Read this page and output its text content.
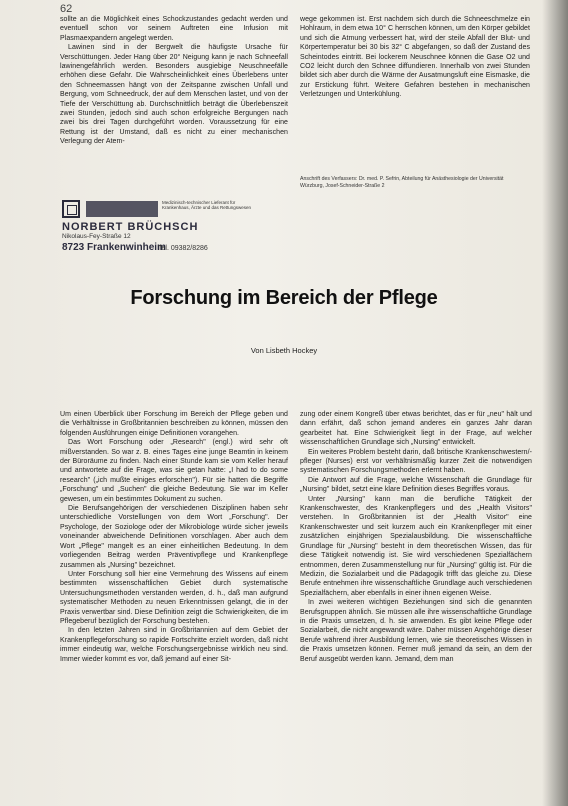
62

sollte an die Möglichkeit eines Schockzustandes gedacht werden und eventuell schon vor seinem Auftreten eine Infusion mit Plasmaexpandern angelegt werden.

Lawinen sind in der Bergwelt die häufigste Ursache für Verschüttungen. Jeder Hang über 20° Neigung kann je nach Schneefall lawinengefährlich werden. Besonders ausgiebige Neuschneefälle erhöhen diese Gefahr. Die Wahrscheinlichkeit eines Überlebens unter den Schneemassen hängt von der Zeitspanne zwischen Unfall und Bergung, vom Schneedruck, der auf dem Menschen lastet, und von der Tiefe der Verschüttung ab. Durchschnittlich beträgt die Überlebenszeit zwei Stunden, jedoch sind auch schon erfolgreiche Bergungen nach zwei bis drei Tagen durchgeführt worden. Voraussetzung für eine Rettung ist der Umstand, daß es nicht zu einer mechanischen Verlegung der Atem-

wege gekommen ist. Erst nachdem sich durch die Schneeschmelze ein Hohlraum, in dem etwa 10° C herrschen können, um den Körper gebildet und sich die Atmung verbessert hat, wird der steile Abfall der Blut- und Körpertemperatur bei 30 bis 32° C abgefangen, so daß der Zustand des Scheintodes eintritt. Bei lockerem Neuschnee können die Gase O2 und CO2 leicht durch den Schnee diffundieren. Innerhalb von zwei Stunden bildet sich aber durch die Wärme der Ausatmungsluft eine Eismaske, die zur Erstickung führt. Weitere Gefahren bestehen in mechanischen Verletzungen und Unterkühlung.

Anschrift des Verfassers: Dr. med. P. Sefrin, Abteilung für Anästhesiologie der Universität Würzburg, Josef-Schneider-Straße 2
Medizinisch-technischer Lieferant für Krankenhaus, Ärzte und das Rettungswesen
NORBERT BRÜCHSCH
Nikolaus-Fey-Straße 12
8723 Frankenwinheim
Tel. 09382/8286
Forschung im Bereich der Pflege
Von Lisbeth Hockey

Um einen Überblick über Forschung im Bereich der Pflege geben und die Verhältnisse in Großbritannien beschreiben zu können, müssen den folgenden Ausführungen einige Definitionen vorangehen.

Das Wort Forschung oder „Research" (engl.) wird sehr oft mißverstanden. So war z. B. eines Tages eine junge Beamtin in keinem der Büroräume zu finden. Nach einer Stunde kam sie vom Keller herauf und antwortete auf die Frage, was sie getan hatte: „I had to do some research" („ich mußte einiges erforschen"). Für sie hatten die Begriffe „Forschung" und „Suchen" die gleiche Bedeutung. Sie war im Keller gewesen, um ein bestimmtes Dokument zu suchen.

Die Berufsangehörigen der verschiedenen Disziplinen haben sehr unterschiedliche Vorstellungen von dem Wort „Forschung". Der Psychologe, der Soziologe oder der Mikrobiologe würde sicher jeweils voneinander abweichende Definitionen vorschlagen. Aber auch dem Wort „Pflege" mangelt es an einer einheitlichen Bedeutung. In dem vorliegenden Beitrag werden Präventivpflege und Krankenpflege zusammen als „Nursing" bezeichnet.

Unter Forschung soll hier eine Vermehrung des Wissens auf einem bestimmten wissenschaftlichen Gebiet durch systematische Untersuchungsmethoden verstanden werden, d. h., daß man aufgrund systematischer Methoden zu neuen Erkenntnissen gelangt, die in der Praxis verwertbar sind. Diese Definition zeigt die Schwierigkeiten, die im Pflegeberuf bezüglich der Forschung bestehen.

In den letzten Jahren sind in Großbritannien auf dem Gebiet der Krankenpflegeforschung so rapide Fortschritte erzielt worden, daß nicht immer eindeutig war, welche Forschungsergebnisse wirklich neu sind. Immer wieder kommt es vor, daß jemand auf einer Sit-

zung oder einem Kongreß über etwas berichtet, das er für „neu" hält und dann erfährt, daß schon jemand anderes ein ganzes Jahr daran gearbeitet hat. Eine Schwierigkeit liegt in der Frage, auf welcher wissenschaftlichen Grundlage sich „Nursing" entwickelt.

Ein weiteres Problem besteht darin, daß britische Krankenschwestern/-pfleger (Nurses) erst vor verhältnismäßig kurzer Zeit die notwendigen systematischen Forschungsmethoden erlernt haben.

Die Antwort auf die Frage, welche Wissenschaft die Grundlage für „Nursing" bildet, setzt eine klare Definition dieses Begriffes voraus.

Unter „Nursing" kann man die berufliche Tätigkeit der Krankenschwester, des Krankenpflegers und des „Health Visitors" verstehen. In Großbritannien ist der „Health Visitor" eine Krankenschwester und seit kurzem auch ein Krankenpfleger mit einer zusätzlichen einjährigen Spezialausbildung. Die wissenschaftliche Grundlage für „Nursing" besteht in dem theoretischen Wissen, das für diese Tätigkeit notwendig ist. Sie wird verschiedenen Spezialfächern entnommen, deren Zusammenstellung nur für „Nursing" gültig ist. Für die Medizin, die Sozialarbeit und die Pädagogik trifft das gleiche zu. Diese Berufe entnehmen ihre wissenschaftliche Grundlage auch verschiedenen Spezialfächern, aber ebenfalls in einer ihnen eigenen Weise.

In zwei weiteren wichtigen Beziehungen sind sich die genannten Berufsgruppen ähnlich. Sie müssen alle ihre wissenschaftliche Grundlage in die Praxis umsetzen, d. h. sie anwenden. Es gibt keine Pflege oder Sozialarbeit, die nicht angewandt wäre. Daher müssen Angehörige dieser Berufe während ihrer Ausbildung lernen, wie sie theoretisches Wissen in die Praxis umsetzen können. Ferner muß jemand da sein, an dem der Beruf ausgeübt werden kann. Jemand, dem man
